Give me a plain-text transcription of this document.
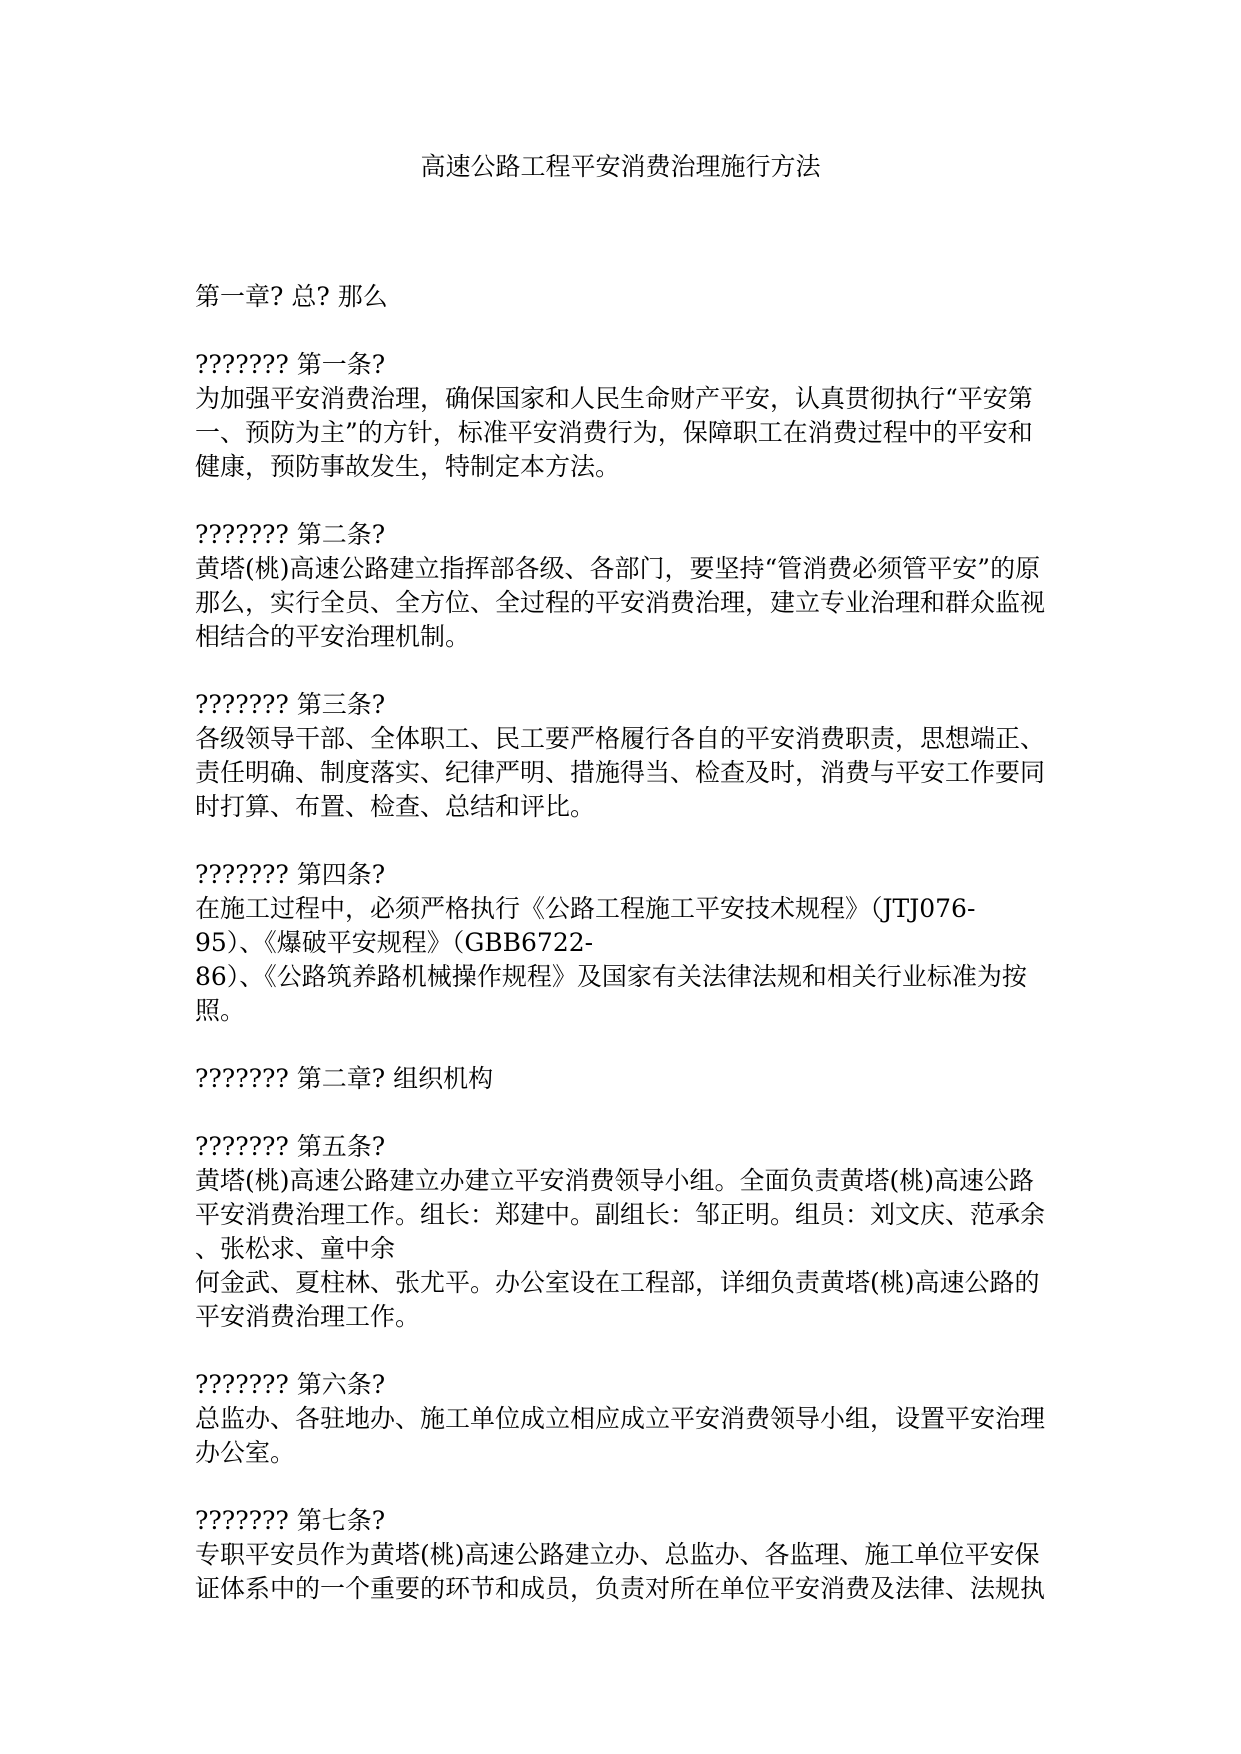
高速公路工程平安消费治理施行方法

第一章? 总? 那么

??????? 第一条?

为加强平安消费治理，确保国家和人民生命财产平安，认真贯彻执行“平安第
一、预防为主”的方针，标准平安消费行为，保障职工在消费过程中的平安和
健康，预防事故发生，特制定本方法。

??????? 第二条?

黄塔(桃)高速公路建立指挥部各级、各部门，要坚持“管消费必须管平安”的原
那么，实行全员、全方位、全过程的平安消费治理，建立专业治理和群众监视
相结合的平安治理机制。

??????? 第三条?

各级领导干部、全体职工、民工要严格履行各自的平安消费职责，思想端正、
责任明确、制度落实、纪律严明、措施得当、检查及时，消费与平安工作要同
时打算、布置、检查、总结和评比。

??????? 第四条?

在施工过程中，必须严格执行《公路工程施工平安技术规程》（JTJ076-
95）、《爆破平安规程》（GBB6722-
86）、《公路筑养路机械操作规程》及国家有关法律法规和相关行业标准为按
照。

??????? 第二章? 组织机构

??????? 第五条?

黄塔(桃)高速公路建立办建立平安消费领导小组。全面负责黄塔(桃)高速公路
平安消费治理工作。组长：郑建中。副组长：邹正明。组员：刘文庆、范承余
、张松求、童中余
何金武、夏柱林、张尤平。办公室设在工程部，详细负责黄塔(桃)高速公路的
平安消费治理工作。

??????? 第六条?

总监办、各驻地办、施工单位成立相应成立平安消费领导小组，设置平安治理
办公室。

??????? 第七条?

专职平安员作为黄塔(桃)高速公路建立办、总监办、各监理、施工单位平安保
证体系中的一个重要的环节和成员，负责对所在单位平安消费及法律、法规执
